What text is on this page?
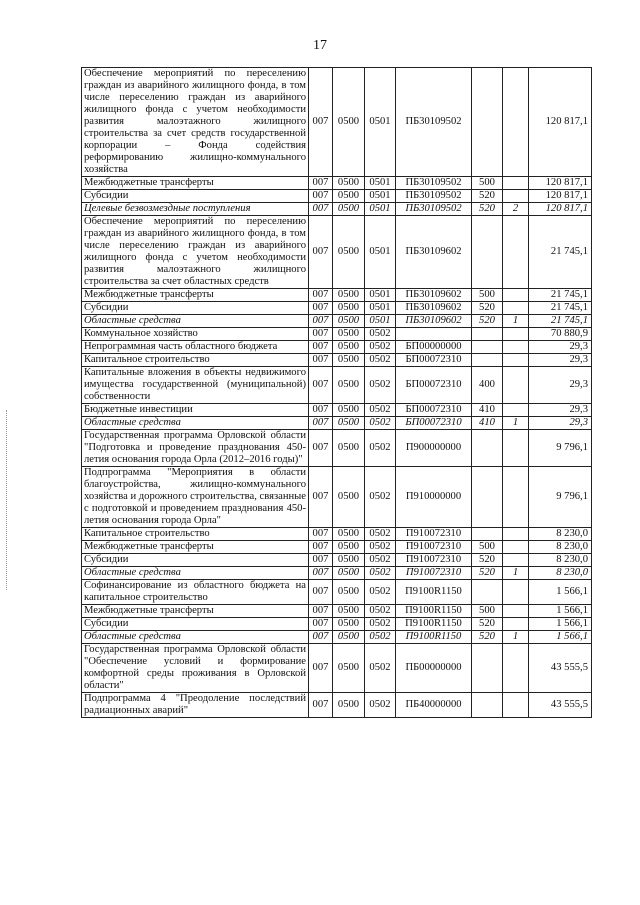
17
Обеспечение мероприятий по переселению граждан из аварийного жилищного фонда, в том числе переселению граждан из аварийного жилищного фонда с учетом необходимости развития малоэтажного жилищного строительства за счет средств государственной корпорации – Фонда содействия реформированию жилищно-коммунального хозяйства	007	0500	0501	ПБ30109502			120 817,1
Межбюджетные трансферты	007	0500	0501	ПБ30109502	500		120 817,1
Субсидии	007	0500	0501	ПБ30109502	520		120 817,1
Целевые безвозмездные поступления	007	0500	0501	ПБ30109502	520	2	120 817,1
Обеспечение мероприятий по переселению граждан из аварийного жилищного фонда, в том числе переселению граждан из аварийного жилищного фонда с учетом необходимости развития малоэтажного жилищного строительства за счет областных средств	007	0500	0501	ПБ30109602			21 745,1
Межбюджетные трансферты	007	0500	0501	ПБ30109602	500		21 745,1
Субсидии	007	0500	0501	ПБ30109602	520		21 745,1
Областные средства	007	0500	0501	ПБ30109602	520	1	21 745,1
Коммунальное хозяйство	007	0500	0502				70 880,9
Непрограммная часть областного бюджета	007	0500	0502	БП00000000			29,3
Капитальное строительство	007	0500	0502	БП00072310			29,3
Капитальные вложения в объекты недвижимого имущества государственной (муниципальной) собственности	007	0500	0502	БП00072310	400		29,3
Бюджетные инвестиции	007	0500	0502	БП00072310	410		29,3
Областные средства	007	0500	0502	БП00072310	410	1	29,3
Государственная программа Орловской области "Подготовка и проведение празднования 450-летия основания города Орла (2012–2016 годы)"	007	0500	0502	П900000000			9 796,1
Подпрограмма "Мероприятия в области благоустройства, жилищно-коммунального хозяйства и дорожного строительства, связанные с подготовкой и проведением празднования 450-летия основания города Орла"	007	0500	0502	П910000000			9 796,1
Капитальное строительство	007	0500	0502	П910072310			8 230,0
Межбюджетные трансферты	007	0500	0502	П910072310	500		8 230,0
Субсидии	007	0500	0502	П910072310	520		8 230,0
Областные средства	007	0500	0502	П910072310	520	1	8 230,0
Софинансирование из областного бюджета на капитальное строительство	007	0500	0502	П9100R1150			1 566,1
Межбюджетные трансферты	007	0500	0502	П9100R1150	500		1 566,1
Субсидии	007	0500	0502	П9100R1150	520		1 566,1
Областные средства	007	0500	0502	П9100R1150	520	1	1 566,1
Государственная программа Орловской области "Обеспечение условий и формирование комфортной среды проживания в Орловской области"	007	0500	0502	ПБ00000000			43 555,5
Подпрограмма 4 "Преодоление последствий радиационных аварий"	007	0500	0502	ПБ40000000			43 555,5
